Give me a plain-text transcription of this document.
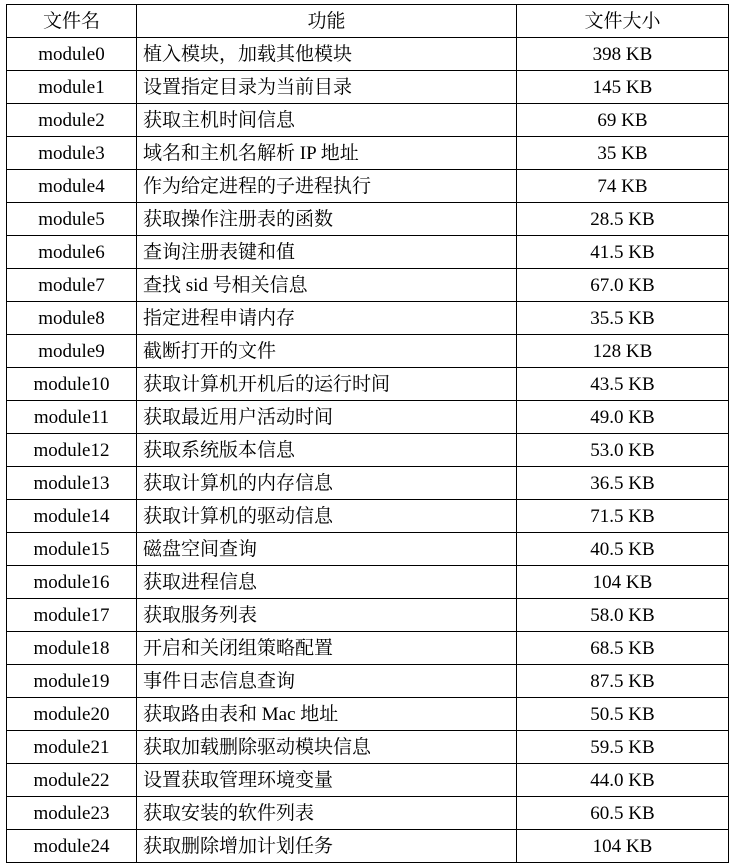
文件名	功能	文件大小
module0	植入模块，加载其他模块	398 KB
module1	设置指定目录为当前目录	145 KB
module2	获取主机时间信息	69 KB
module3	域名和主机名解析 IP 地址	35 KB
module4	作为给定进程的子进程执行	74 KB
module5	获取操作注册表的函数	28.5 KB
module6	查询注册表键和值	41.5 KB
module7	查找 sid 号相关信息	67.0 KB
module8	指定进程申请内存	35.5 KB
module9	截断打开的文件	128 KB
module10	获取计算机开机后的运行时间	43.5 KB
module11	获取最近用户活动时间	49.0 KB
module12	获取系统版本信息	53.0 KB
module13	获取计算机的内存信息	36.5 KB
module14	获取计算机的驱动信息	71.5 KB
module15	磁盘空间查询	40.5 KB
module16	获取进程信息	104 KB
module17	获取服务列表	58.0 KB
module18	开启和关闭组策略配置	68.5 KB
module19	事件日志信息查询	87.5 KB
module20	获取路由表和 Mac 地址	50.5 KB
module21	获取加载删除驱动模块信息	59.5 KB
module22	设置获取管理环境变量	44.0 KB
module23	获取安装的软件列表	60.5 KB
module24	获取删除增加计划任务	104 KB
